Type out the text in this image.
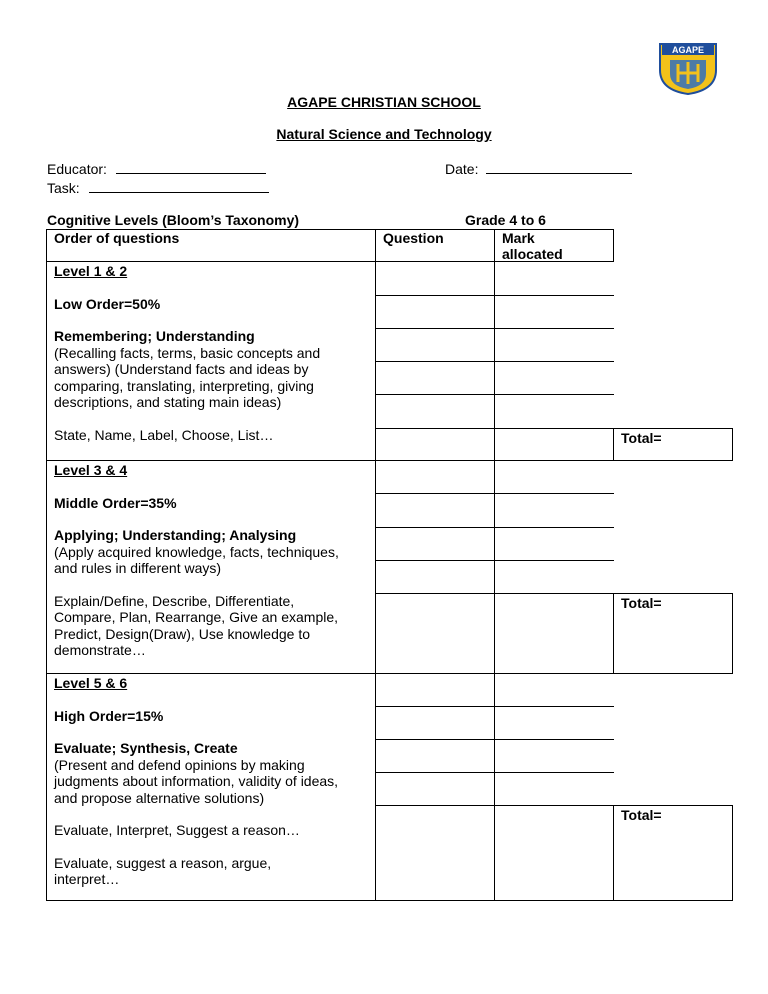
AGAPE
AGAPE CHRISTIAN SCHOOL
Natural Science and Technology
Educator:	Date:
Task:
Cognitive Levels (Bloom’s Taxonomy)	Grade 4 to 6
Order of questions	Question	Mark
allocated
Level 1 & 2
Low Order=50%
Remembering; Understanding
(Recalling facts, terms, basic concepts and
answers) (Understand facts and ideas by
comparing, translating, interpreting, giving
descriptions, and stating main ideas)
State, Name, Label, Choose, List…	Total=
Level 3 & 4
Middle Order=35%
Applying; Understanding; Analysing
(Apply acquired knowledge, facts, techniques,
and rules in different ways)
Explain/Define, Describe, Differentiate,
Compare, Plan, Rearrange, Give an example,
Predict, Design(Draw), Use knowledge to
demonstrate…
Total=
Level 5 & 6
High Order=15%
Evaluate; Synthesis, Create
(Present and defend opinions by making
judgments about information, validity of ideas,
and propose alternative solutions)
Evaluate, Interpret, Suggest a reason…
Evaluate, suggest a reason, argue,
interpret…
Total=
